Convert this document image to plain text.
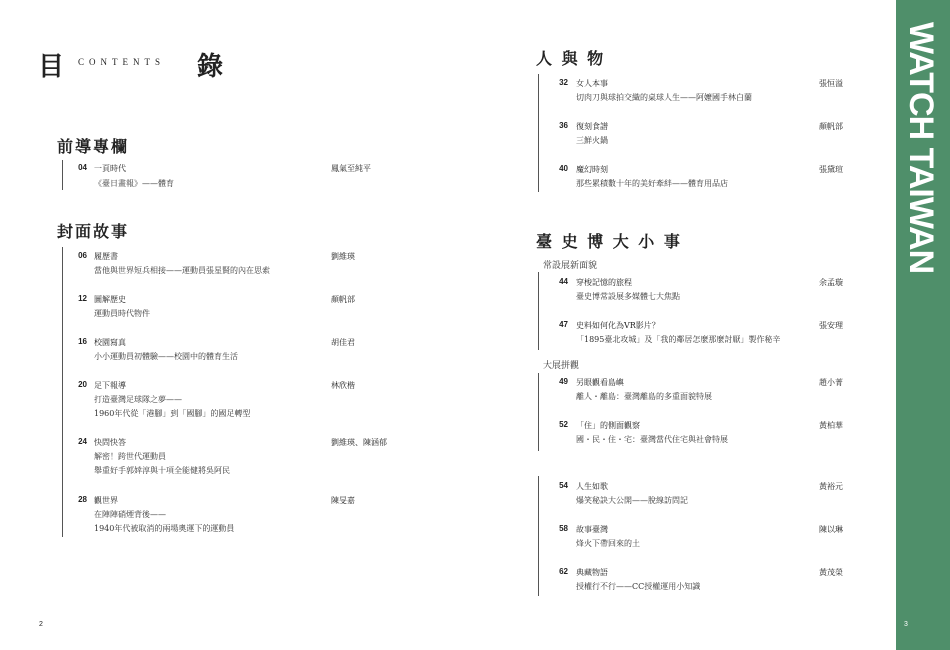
目 CONTENTS 錄
前導專欄
04 一頁時代
《臺日畫報》——體育
鳳氣至純平
封面故事
06 履歷書
當他與世界短兵相接——運動員張星賢的內在思索
劉維瑛
12 圖解歷史
運動員時代物件
顏帆部
16 校園寫真
小小運動員初體驗——校園中的體育生活
胡佳君
20 足下報導
打造臺灣足球隊之夢——
1960年代從「港腳」到「國腳」的國足轉型
林欣楷
24 快問快答
解密！跨世代運動員
舉重好手郭婞淳與十項全能健將吳阿民
劉維瑛、陳涵郁
28 觀世界
在陣陣硝煙背後——
1940年代被取消的兩場奧運下的運動員
陳旻嘉
人 與 物
32 女人本事
切肉刀與球拍交織的桌球人生——阿嬤國手林白蘭
張恒溢
36 復刻食譜
三鮮火鍋
顏帆部
40 魔幻時刻
那些累積數十年的美好牽絆——體育用品店
張黛瑄
臺 史 博 大 小 事
常設展新面貌
44 穿梭記憶的旅程
臺史博常設展多媒體七大焦點
余孟璇
47 史料如何化為VR影片？
「1895臺北攻城」及「我的鄰居怎麼那麼討厭」製作秘辛
張安理
大展拼觀
49 另眼觀看島嶼
離人・離島：臺灣離島的多重面貌特展
趙小菁
52 「住」的側面觀察
國・民・住・宅：臺灣當代住宅與社會特展
黃柏華
54 人生如歌
爆笑秘訣大公開——脫線訪問記
黃裕元
58 故事臺灣
烽火下帶回來的土
陳以琳
62 典藏物語
授權行不行——CC授權運用小知識
黃茂榮
2	3
WATCH TAIWAN
